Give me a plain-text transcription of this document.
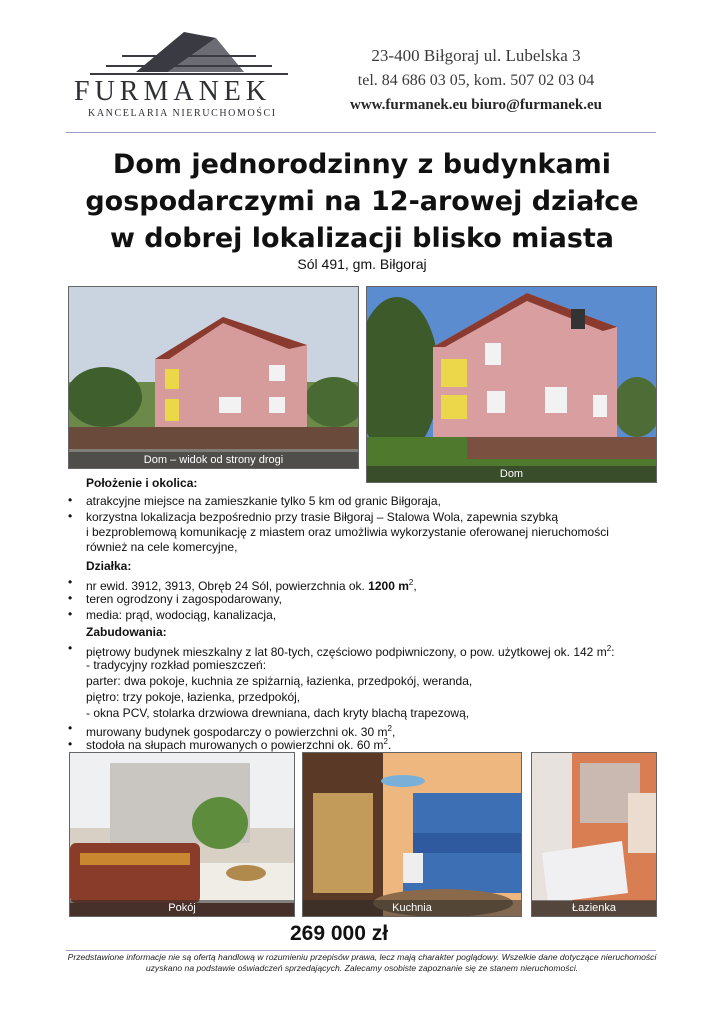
FURMANEK
KANCELARIA NIERUCHOMOŚCI
23-400 Biłgoraj ul. Lubelska 3
tel. 84 686 03 05, kom. 507 02 03 04
www.furmanek.eu biuro@furmanek.eu
Dom jednorodzinny z budynkami
gospodarczymi na 12-arowej działce
w dobrej lokalizacji blisko miasta
Sól 491, gm. Biłgoraj
Dom – widok od strony drogi
Dom
Położenie i okolica:
• atrakcyjne miejsce na zamieszkanie tylko 5 km od granic Biłgoraja,
• korzystna lokalizacja bezpośrednio przy trasie Biłgoraj – Stalowa Wola, zapewnia szybką
i bezproblemową komunikację z miastem oraz umożliwia wykorzystanie oferowanej nieruchomości
również na cele komercyjne,
Działka:
• nr ewid. 3912, 3913, Obręb 24 Sól, powierzchnia ok. 1200 $m^2$,
• teren ogrodzony i zagospodarowany,
• media: prąd, wodociąg, kanalizacja,
Zabudowania:
• piętrowy budynek mieszkalny z lat 80-tych, częściowo podpiwniczony, o pow. użytkowej ok. 142 $m^2$:
- tradycyjny rozkład pomieszczeń:
parter: dwa pokoje, kuchnia ze spiżarnią, łazienka, przedpokój, weranda,
piętro: trzy pokoje, łazienka, przedpokój,
- okna PCV, stolarka drzwiowa drewniana, dach kryty blachą trapezową,
• murowany budynek gospodarczy o powierzchni ok. 30 $m^2$,
• stodoła na słupach murowanych o powierzchni ok. 60 $m^2$.
Pokój	Kuchnia	Łazienka
269 000 zł
Przedstawione informacje nie są ofertą handlową w rozumieniu przepisów prawa, lecz mają charakter poglądowy. Wszelkie dane dotyczące nieruchomości
uzyskano na podstawie oświadczeń sprzedających. Zalecamy osobiste zapoznanie się ze stanem nieruchomości.
